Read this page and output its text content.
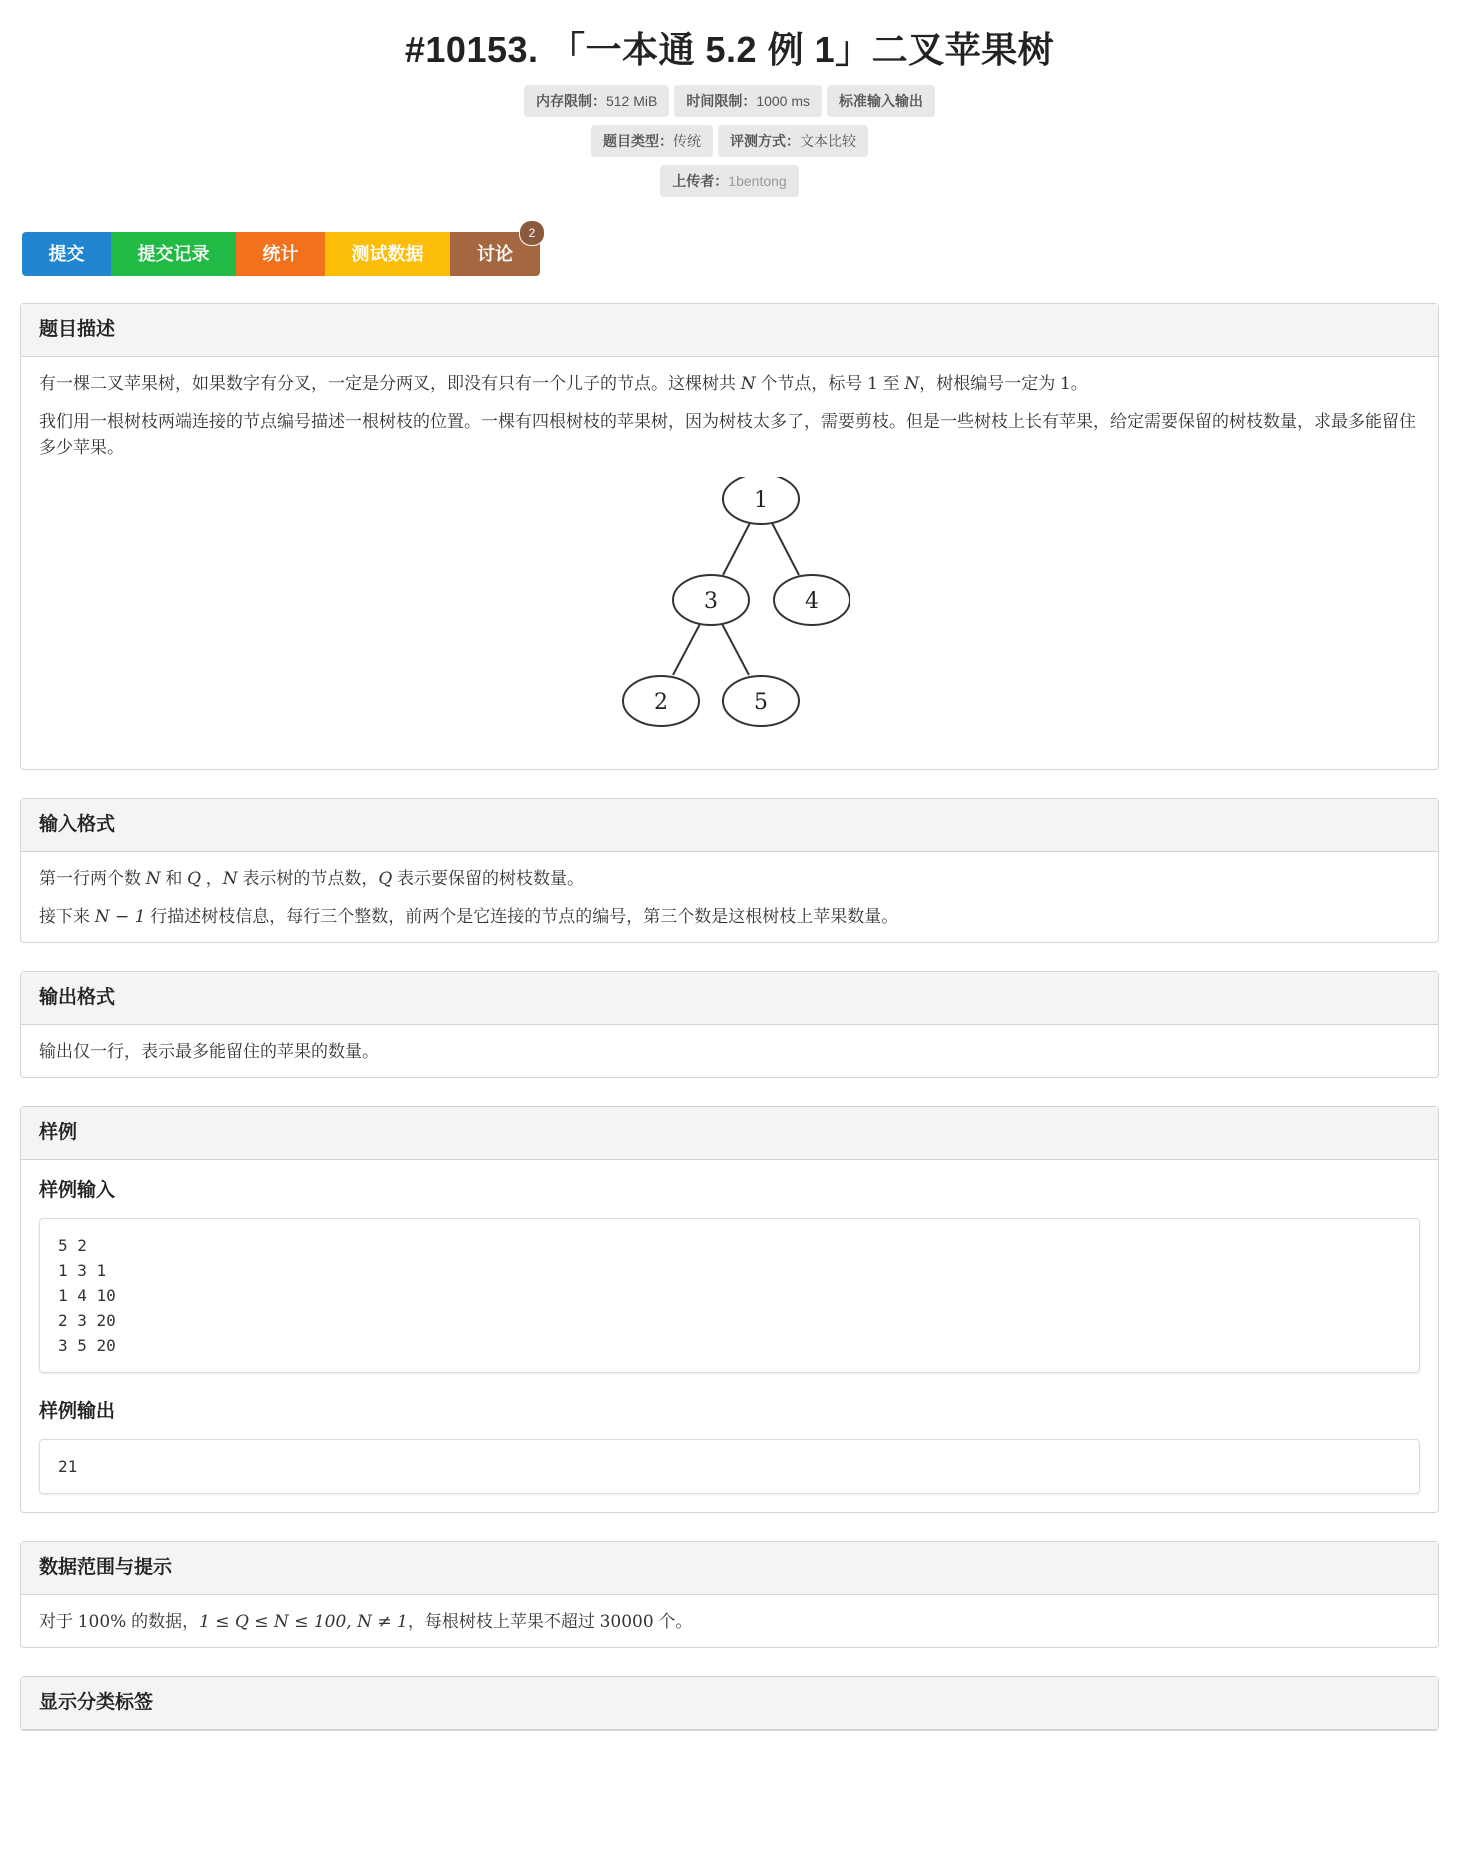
#10153. 「一本通 5.2 例 1」二叉苹果树
内存限制：512 MiB	时间限制：1000 ms	标准输入输出
题目类型：传统	评测方式：文本比较
上传者：1bentong
提交	提交记录	统计	测试数据	讨论
2
题目描述

有一棵二叉苹果树，如果数字有分叉，一定是分两叉，即没有只有一个儿子的节点。这棵树共 N 个节点，标号 1 至 N，树根编号一定为 1。

我们用一根树枝两端连接的节点编号描述一根树枝的位置。一棵有四根树枝的苹果树，因为树枝太多了，需要剪枝。但是一些树枝上长有苹果，给定需要保留的树枝数量，求最多能留住多少苹果。

1
3	4
2	5
输入格式

第一行两个数 N 和 Q ，N 表示树的节点数，Q 表示要保留的树枝数量。

接下来 N − 1 行描述树枝信息，每行三个整数，前两个是它连接的节点的编号，第三个数是这根树枝上苹果数量。

输出格式

输出仅一行，表示最多能留住的苹果的数量。

样例
样例输入
5 2
1 3 1
1 4 10
2 3 20
3 5 20
样例输出
21
数据范围与提示

对于 100% 的数据，1 ≤ Q ≤ N ≤ 100, N ≠ 1，每根树枝上苹果不超过 30000 个。

显示分类标签
